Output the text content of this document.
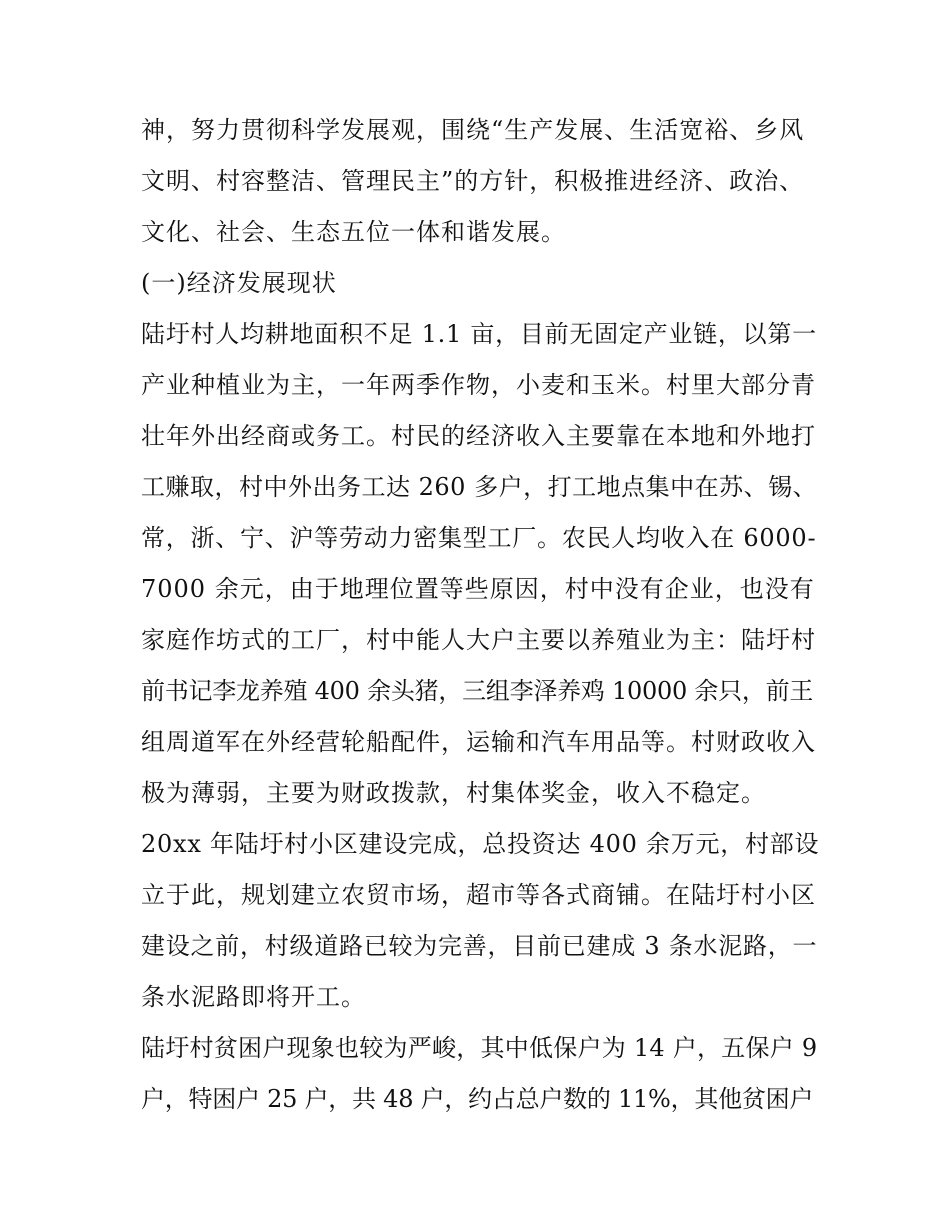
神，努力贯彻科学发展观，围绕“生产发展、生活宽裕、乡风
文明、村容整洁、管理民主”的方针，积极推进经济、政治、
文化、社会、生态五位一体和谐发展。
(一)经济发展现状
陆圩村人均耕地面积不足 1.1 亩，目前无固定产业链，以第一
产业种植业为主，一年两季作物，小麦和玉米。村里大部分青
壮年外出经商或务工。村民的经济收入主要靠在本地和外地打
工赚取，村中外出务工达 260 多户，打工地点集中在苏、锡、
常，浙、宁、沪等劳动力密集型工厂。农民人均收入在 6000-
7000 余元，由于地理位置等些原因，村中没有企业，也没有
家庭作坊式的工厂，村中能人大户主要以养殖业为主：陆圩村
前书记李龙养殖 400 余头猪，三组李泽养鸡 10000 余只，前王
组周道军在外经营轮船配件，运输和汽车用品等。村财政收入
极为薄弱，主要为财政拨款，村集体奖金，收入不稳定。
20xx 年陆圩村小区建设完成，总投资达 400 余万元，村部设
立于此，规划建立农贸市场，超市等各式商铺。在陆圩村小区
建设之前，村级道路已较为完善，目前已建成 3 条水泥路，一
条水泥路即将开工。
陆圩村贫困户现象也较为严峻，其中低保户为 14 户，五保户 9
户，特困户 25 户，共 48 户，约占总户数的 11%，其他贫困户
